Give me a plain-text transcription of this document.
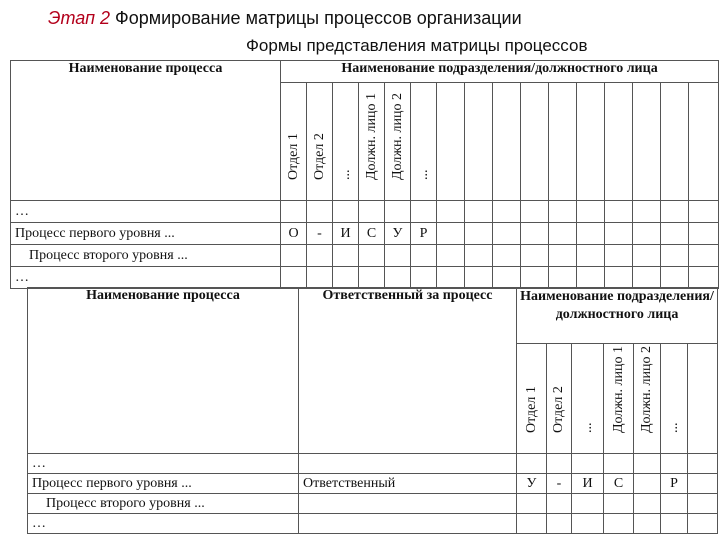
Этап 2 Формирование матрицы процессов организации
Формы представления матрицы процессов
Наименование процесса	Наименование подразделения/должностного лица															

	Отдел 1	Отдел 2	...	Должн. лицо 1	Должн. лицо 2	...										

…																
Процесс первого уровня ...	О	-	И	С	У	Р										
Процесс второго уровня ...																
…																
Наименование процесса	Ответственный за процесс	Наименование подразделения/ должностного лица						

		Отдел 1	Отдел 2	...	Должн. лицо 1	Должн. лицо 2	...	

…								
Процесс первого уровня ...	Ответственный	У	-	И	С		Р	
Процесс второго уровня ...								
…								
